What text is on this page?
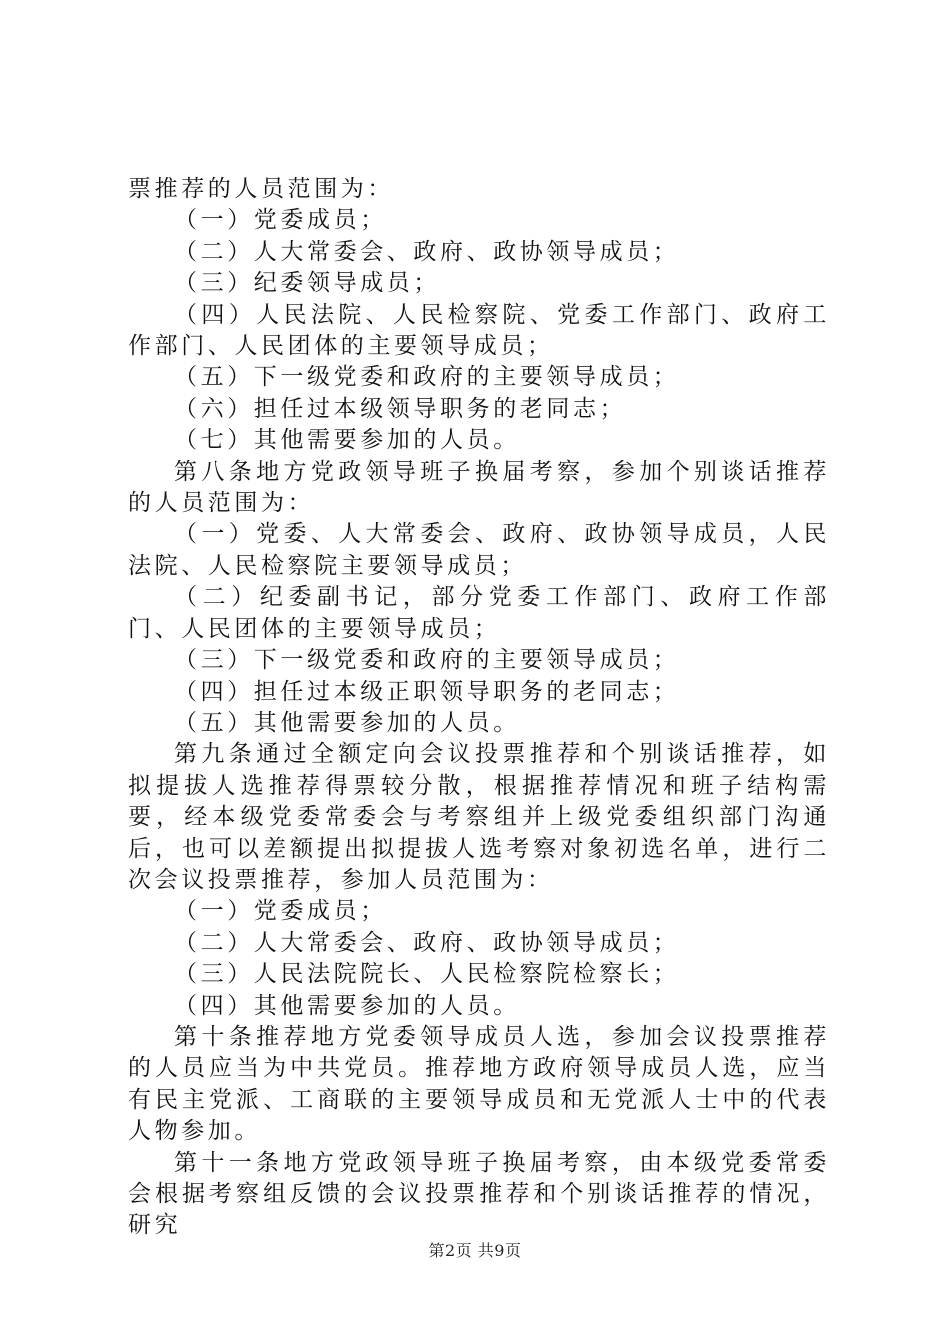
票推荐的人员范围为：

（一）党委成员；

（二）人大常委会、政府、政协领导成员；

（三）纪委领导成员；

（四）人民法院、人民检察院、党委工作部门、政府工作部门、人民团体的主要领导成员；

（五）下一级党委和政府的主要领导成员；

（六）担任过本级领导职务的老同志；

（七）其他需要参加的人员。

第八条地方党政领导班子换届考察，参加个别谈话推荐的人员范围为：

（一）党委、人大常委会、政府、政协领导成员，人民法院、人民检察院主要领导成员；

（二）纪委副书记，部分党委工作部门、政府工作部门、人民团体的主要领导成员；

（三）下一级党委和政府的主要领导成员；

（四）担任过本级正职领导职务的老同志；

（五）其他需要参加的人员。

第九条通过全额定向会议投票推荐和个别谈话推荐，如拟提拔人选推荐得票较分散，根据推荐情况和班子结构需要，经本级党委常委会与考察组并上级党委组织部门沟通后，也可以差额提出拟提拔人选考察对象初选名单，进行二次会议投票推荐，参加人员范围为：

（一）党委成员；

（二）人大常委会、政府、政协领导成员；

（三）人民法院院长、人民检察院检察长；

（四）其他需要参加的人员。

第十条推荐地方党委领导成员人选，参加会议投票推荐的人员应当为中共党员。推荐地方政府领导成员人选，应当有民主党派、工商联的主要领导成员和无党派人士中的代表人物参加。

第十一条地方党政领导班子换届考察，由本级党委常委会根据考察组反馈的会议投票推荐和个别谈话推荐的情况，研究

第2页 共9页
